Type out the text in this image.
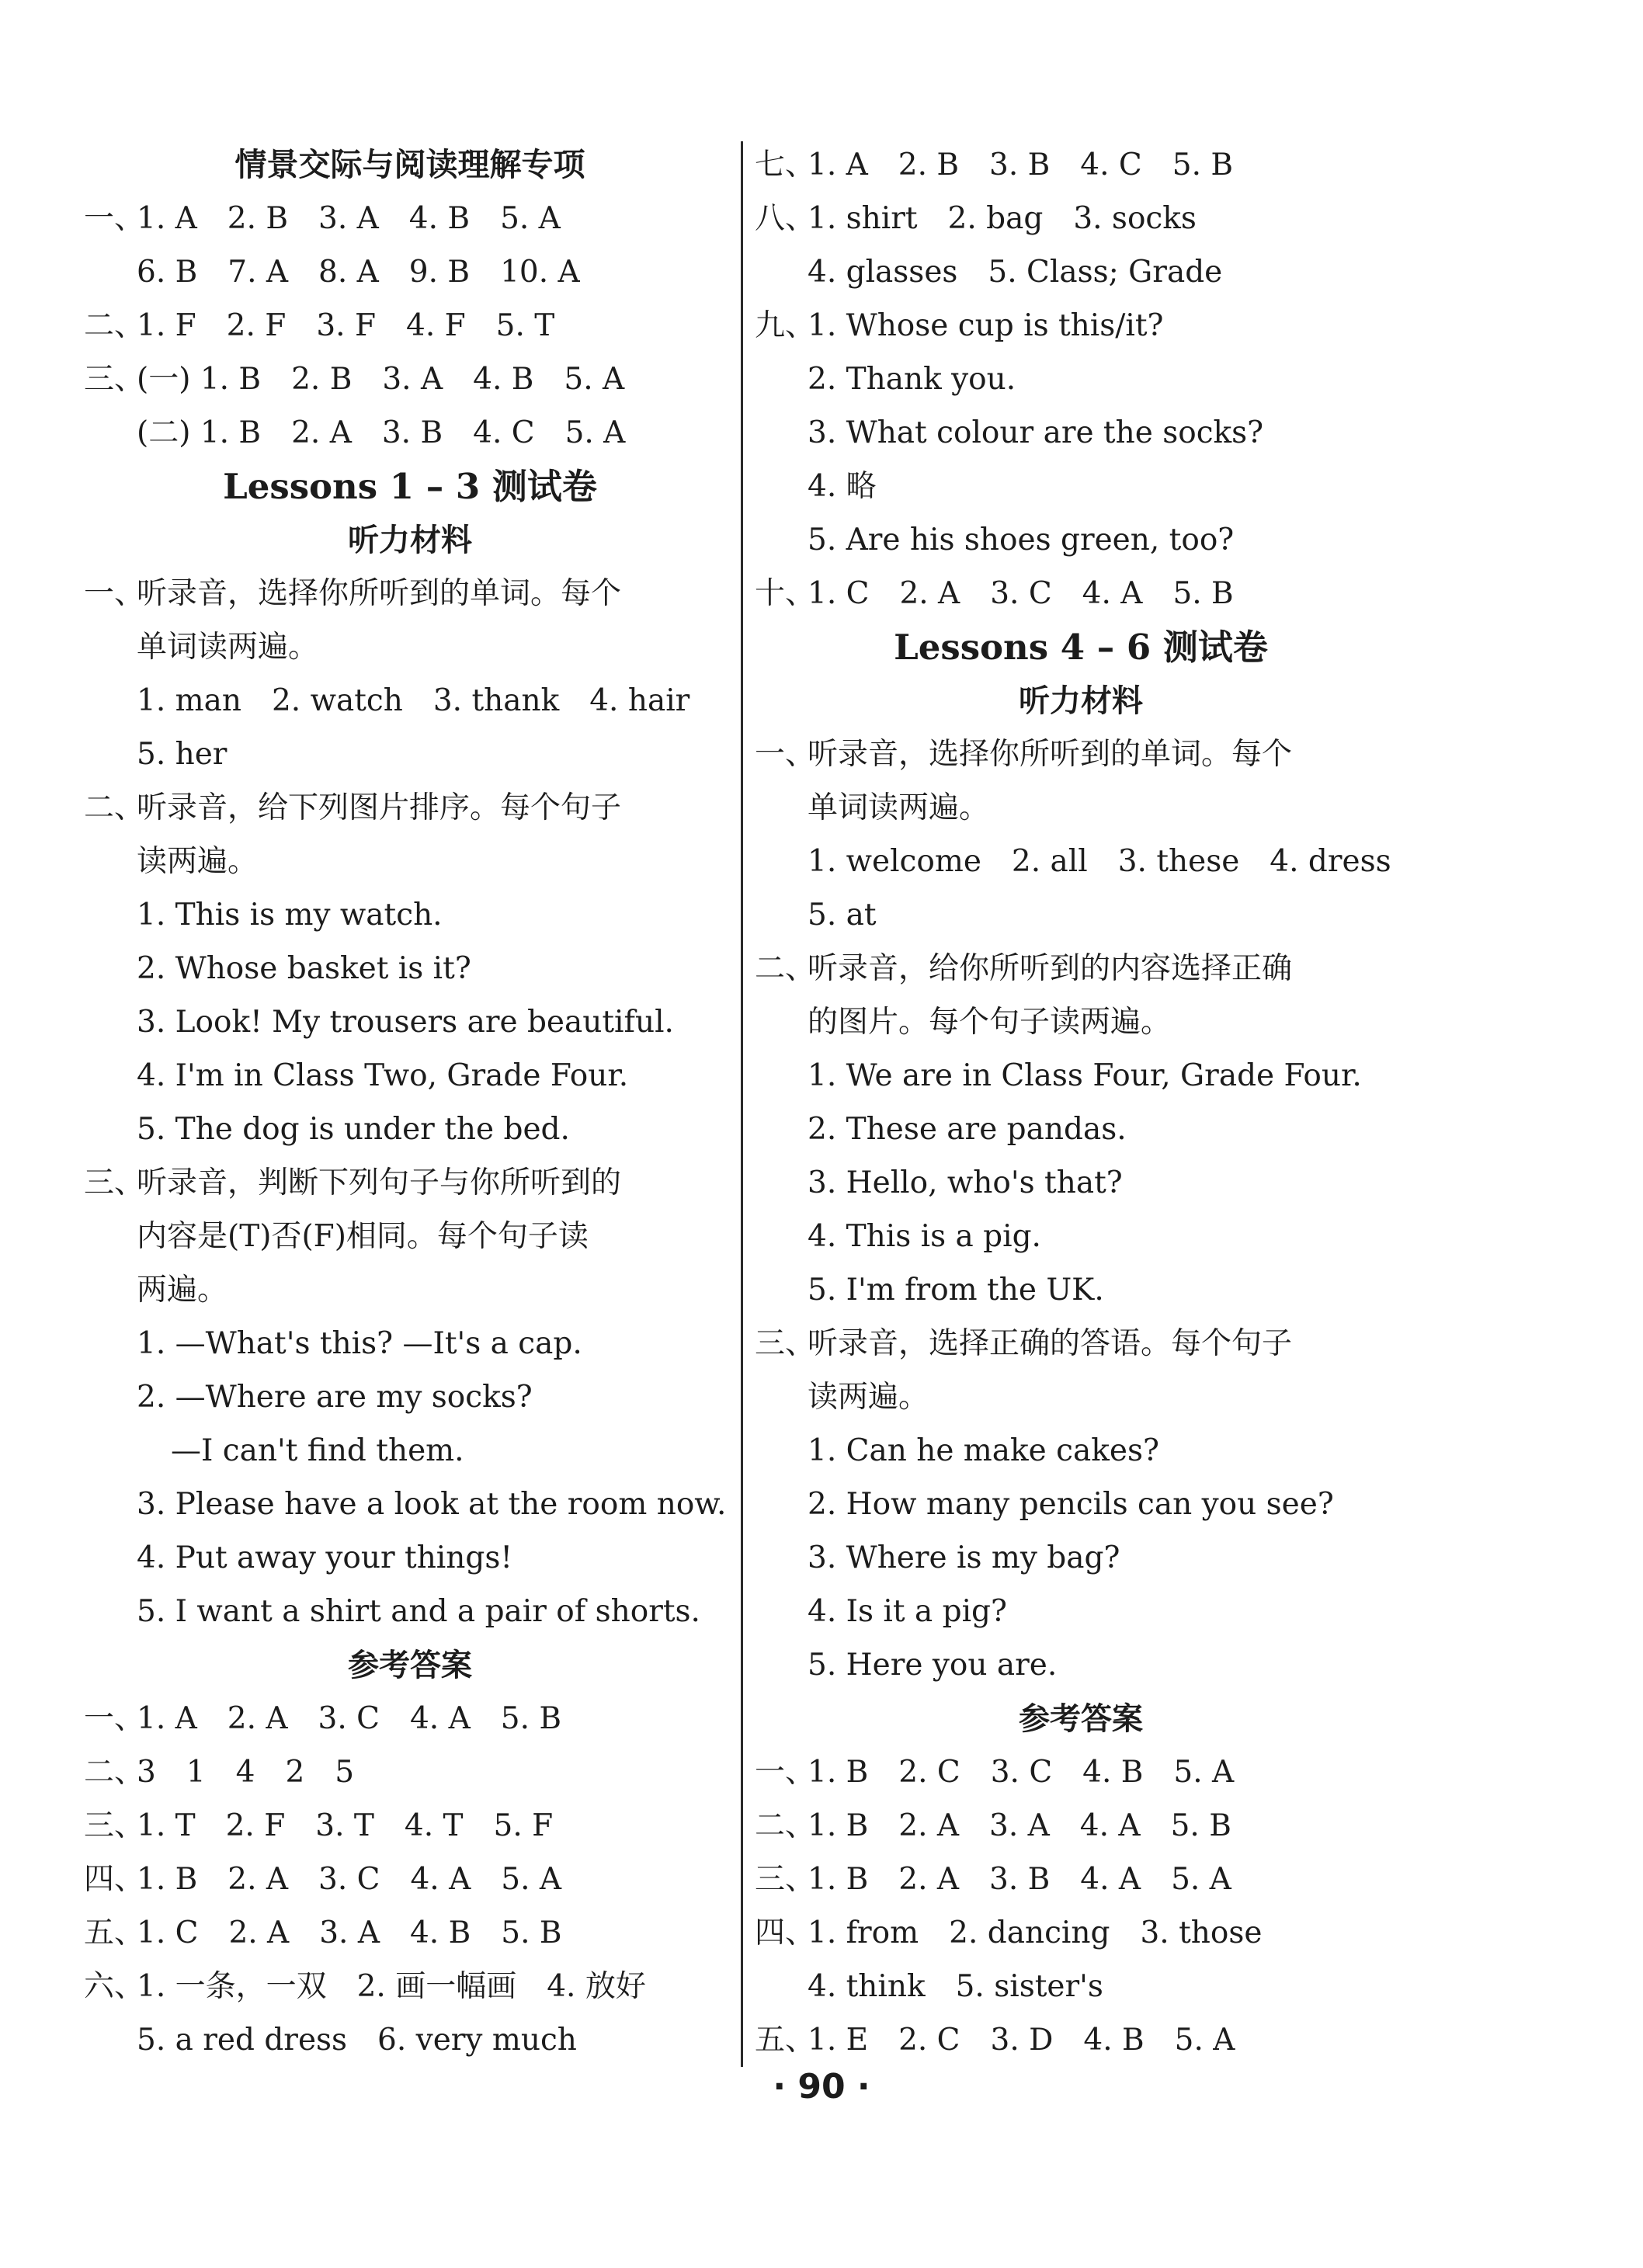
情景交际与阅读理解专项
一、1. A　2. B　3. A　4. B　5. A
6. B　7. A　8. A　9. B　10. A
二、1. F　2. F　3. F　4. F　5. T
三、(一) 1. B　2. B　3. A　4. B　5. A
(二) 1. B　2. A　3. B　4. C　5. A
Lessons 1 – 3 测试卷
听力材料
一、听录音，选择你所听到的单词。每个
单词读两遍。
1. man　2. watch　3. thank　4. hair
5. her
二、听录音，给下列图片排序。每个句子
读两遍。
1. This is my watch.
2. Whose basket is it?
3. Look! My trousers are beautiful.
4. I'm in Class Two, Grade Four.
5. The dog is under the bed.
三、听录音，判断下列句子与你所听到的
内容是(T)否(F)相同。每个句子读
两遍。
1. —What's this? —It's a cap.
2. —Where are my socks?
—I can't find them.
3. Please have a look at the room now.
4. Put away your things!
5. I want a shirt and a pair of shorts.
参考答案
一、1. A　2. A　3. C　4. A　5. B
二、3　1　4　2　5
三、1. T　2. F　3. T　4. T　5. F
四、1. B　2. A　3. C　4. A　5. A
五、1. C　2. A　3. A　4. B　5. B
六、1. 一条，一双　2. 画一幅画　4. 放好
5. a red dress　6. very much
七、1. A　2. B　3. B　4. C　5. B
八、1. shirt　2. bag　3. socks
4. glasses　5. Class; Grade
九、1. Whose cup is this/it?
2. Thank you.
3. What colour are the socks?
4. 略
5. Are his shoes green, too?
十、1. C　2. A　3. C　4. A　5. B
Lessons 4 – 6 测试卷
听力材料
一、听录音，选择你所听到的单词。每个
单词读两遍。
1. welcome　2. all　3. these　4. dress
5. at
二、听录音，给你所听到的内容选择正确
的图片。每个句子读两遍。
1. We are in Class Four, Grade Four.
2. These are pandas.
3. Hello, who's that?
4. This is a pig.
5. I'm from the UK.
三、听录音，选择正确的答语。每个句子
读两遍。
1. Can he make cakes?
2. How many pencils can you see?
3. Where is my bag?
4. Is it a pig?
5. Here you are.
参考答案
一、1. B　2. C　3. C　4. B　5. A
二、1. B　2. A　3. A　4. A　5. B
三、1. B　2. A　3. B　4. A　5. A
四、1. from　2. dancing　3. those
4. think　5. sister's
五、1. E　2. C　3. D　4. B　5. A
· 90 ·
